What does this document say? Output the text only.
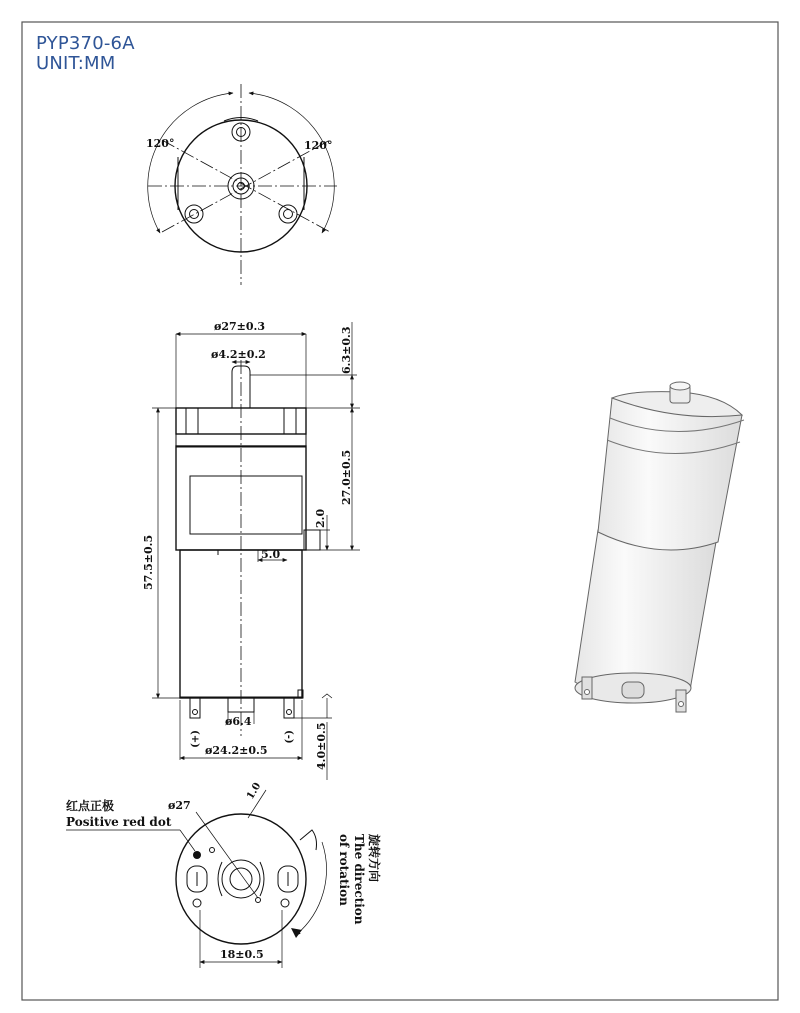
PYP370-6A
UNIT:MM
120°	120°
ø27±0.3
ø4.2±0.2
(+)	(-)
ø6.4
ø24.2±0.5
57.5±0.5
6.3±0.3
27.0±0.5
2.0
5.0
4.0±0.5
红点正极
Positive red dot
ø27
1.0
18±0.5
旋转方向
The direction
of rotation
